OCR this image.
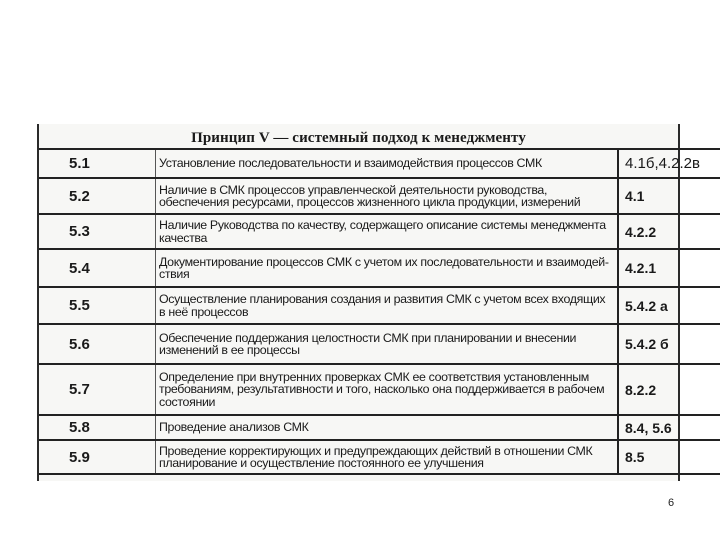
Принцип V — системный подход к менеджменту
5.1	Установление последовательности и взаимодействия процессов СМК	4.1б,4.2.2в
5.2	Наличие в СМК процессов управленческой деятельности руководства, обеспечения ресурсами, процессов жизненного цикла продукции, измерений	4.1
5.3	Наличие Руководства по качеству, содержащего описание системы менеджмента качества	4.2.2
5.4	Документирование процессов СМК с учетом их последовательности и взаимодей-ствия	4.2.1
5.5	Осуществление планирования создания и развития СМК с учетом всех входящих в неё процессов	5.4.2 а
5.6	Обеспечение поддержания целостности СМК при планировании и внесении изменений в ее процессы	5.4.2 б
5.7	Определение при внутренних проверках СМК ее соответствия установленным требованиям, результативности и того, насколько она поддерживается в рабочем состоянии	8.2.2
5.8	Проведение анализов СМК	8.4, 5.6
5.9	Проведение корректирующих и предупреждающих действий в отношении СМК планирование и осуществление постоянного ее улучшения	8.5
6
